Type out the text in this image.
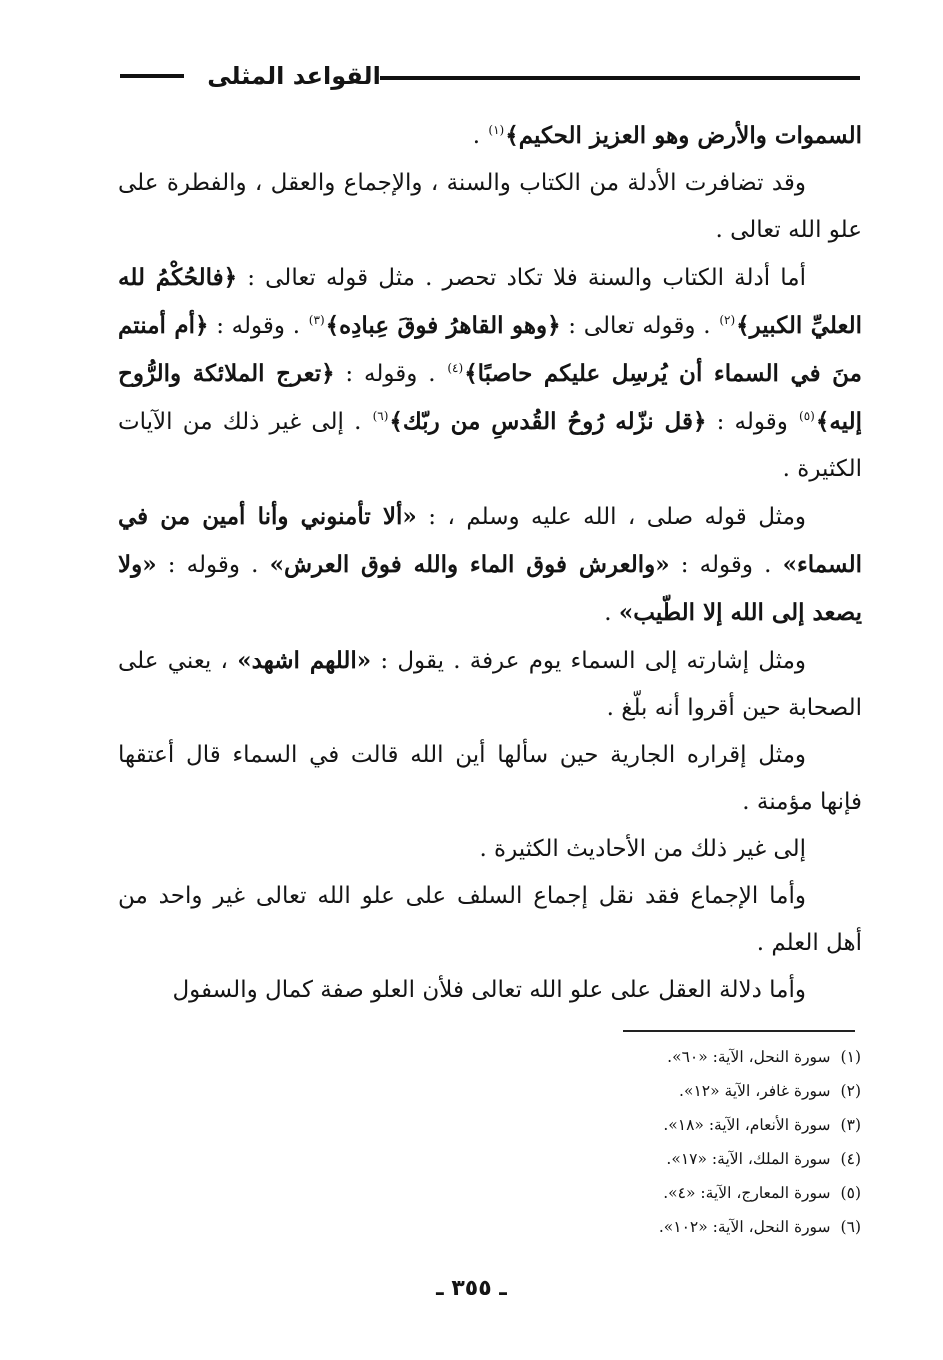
القواعد المثلى

السموات والأرض وهو العزيز الحكيم﴾$^{(١)}$ .

وقد تضافرت الأدلة من الكتاب والسنة ، والإجماع والعقل ، والفطرة على علو الله تعالى .

أما أدلة الكتاب والسنة فلا تكاد تحصر . مثل قوله تعالى : ﴿فالحُكْمُ لله العليِّ الكبير﴾$^{(٢)}$ . وقوله تعالى : ﴿وهو القاهرُ فوقَ عِبادِه﴾$^{(٣)}$ . وقوله : ﴿أم أمنتم منَ في السماء أن يُرسِل عليكم حاصبًا﴾$^{(٤)}$ . وقوله : ﴿تعرج الملائكة والرُّوح إليه﴾$^{(٥)}$ وقوله : ﴿قل نزّله رُوحُ القُدسِ من ربّك﴾$^{(٦)}$ . إلى غير ذلك من الآيات الكثيرة .

ومثل قوله صلى ، الله عليه وسلم ، : «ألا تأمنوني وأنا أمين من في السماء» . وقوله : «والعرش فوق الماء والله فوق العرش» . وقوله : «ولا يصعد إلى الله إلا الطّيب» .

ومثل إشارته إلى السماء يوم عرفة . يقول : «اللهم اشهد» ، يعني على الصحابة حين أقروا أنه بلّغ .

ومثل إقراره الجارية حين سألها أين الله قالت في السماء قال أعتقها فإنها مؤمنة .

إلى غير ذلك من الأحاديث الكثيرة .

وأما الإجماع فقد نقل إجماع السلف على علو الله تعالى غير واحد من أهل العلم .

وأما دلالة العقل على علو الله تعالى فلأن العلو صفة كمال والسفول

(١)سورة النحل، الآية: «٦٠».
(٢)سورة غافر، الآية «١٢».
(٣)سورة الأنعام، الآية: «١٨».
(٤)سورة الملك، الآية: «١٧».
(٥)سورة المعارج، الآية: «٤».
(٦)سورة النحل، الآية: «١٠٢».
ـ ٣٥٥ ـ
